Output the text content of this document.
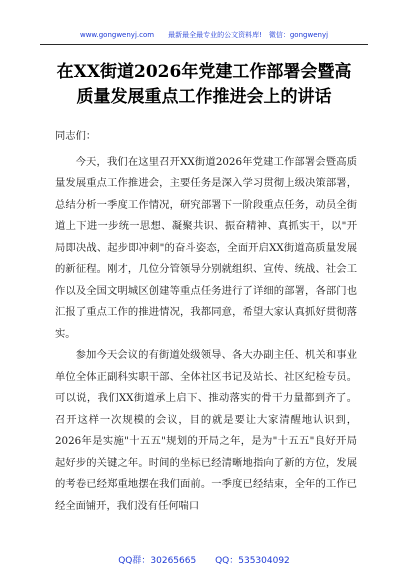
www.gongwenyj.com　　最新最全最专业的公文资料库!　微信：gongwenyj
在XX街道2026年党建工作部署会暨高
质量发展重点工作推进会上的讲话

同志们：

今天，我们在这里召开XX街道2026年党建工作部署会暨高质量发展重点工作推进会，主要任务是深入学习贯彻上级决策部署，总结分析一季度工作情况，研究部署下一阶段重点任务，动员全街道上下进一步统一思想、凝聚共识、振奋精神、真抓实干，以"开局即决战、起步即冲刺"的奋斗姿态，全面开启XX街道高质量发展的新征程。刚才，几位分管领导分别就组织、宣传、统战、社会工作以及全国文明城区创建等重点任务进行了详细的部署，各部门也汇报了重点工作的推进情况，我都同意，希望大家认真抓好贯彻落实。

参加今天会议的有街道处级领导、各大办副主任、机关和事业单位全体正副科实职干部、全体社区书记及站长、社区纪检专员。可以说，我们XX街道承上启下、推动落实的骨干力量都到齐了。召开这样一次规模的会议，目的就是要让大家清醒地认识到，2026年是实施"十五五"规划的开局之年，是为"十五五"良好开局起好步的关键之年。时间的坐标已经清晰地指向了新的方位，发展的考卷已经郑重地摆在我们面前。一季度已经结束，全年的工作已经全面铺开，我们没有任何喘口

QQ群：30265665 QQ：535304092
